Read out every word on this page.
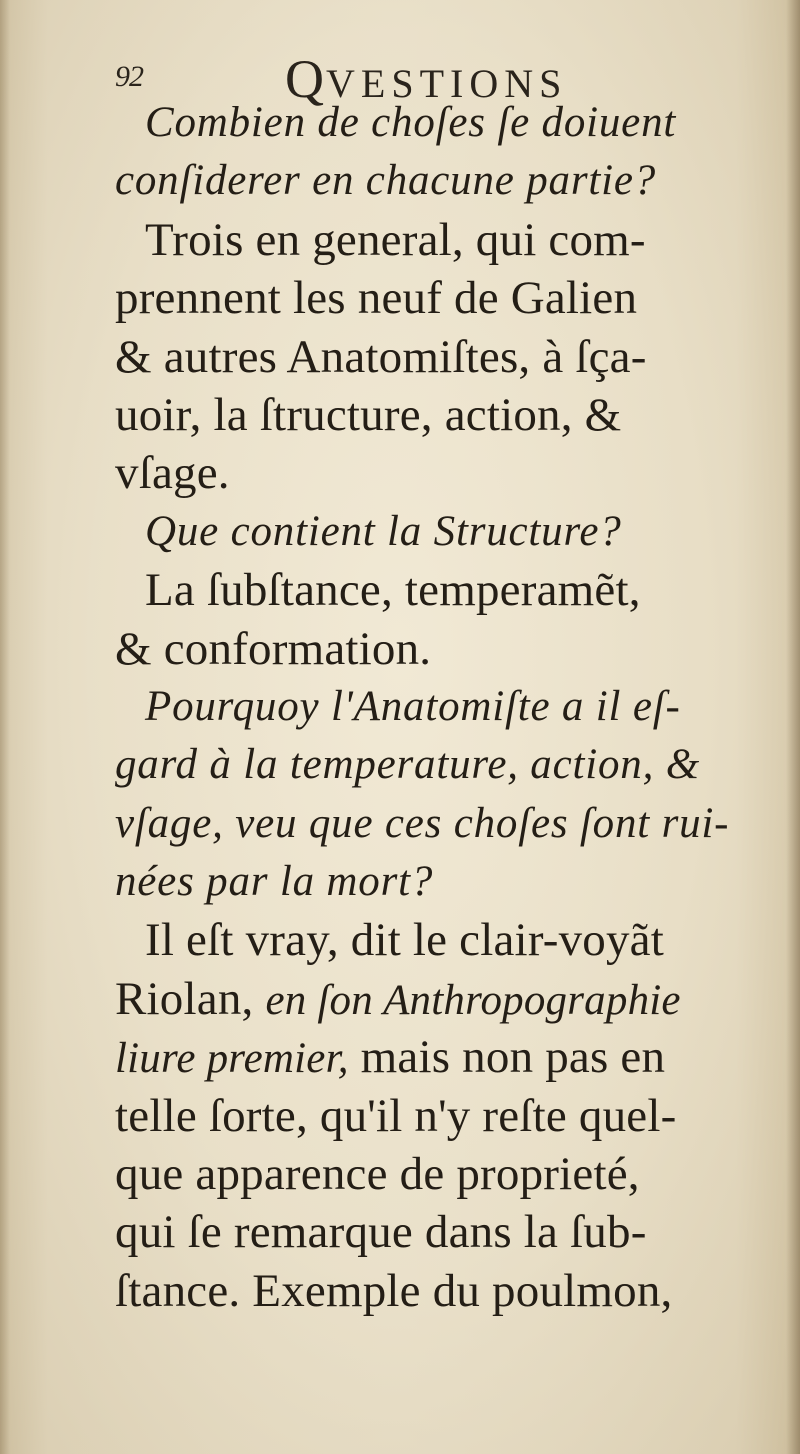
92	QVESTIONS
Combien de choſes ſe doiuent
conſiderer en chacune partie?
Trois en general, qui com-
prennent les neuf de Galien
& autres Anatomiſtes, à ſça-
uoir, la ſtructure, action, &
vſage.
Que contient la Structure?
La ſubſtance, temperamẽt,
& conformation.
Pourquoy l'Anatomiſte a il eſ-
gard à la temperature, action, &
vſage, veu que ces choſes ſont rui-
nées par la mort?
Il eſt vray, dit le clair-voyãt
Riolan, en ſon Anthropographie
liure premier, mais non pas en
telle ſorte, qu'il n'y reſte quel-
que apparence de proprieté,
qui ſe remarque dans la ſub-
ſtance. Exemple du poulmon,
